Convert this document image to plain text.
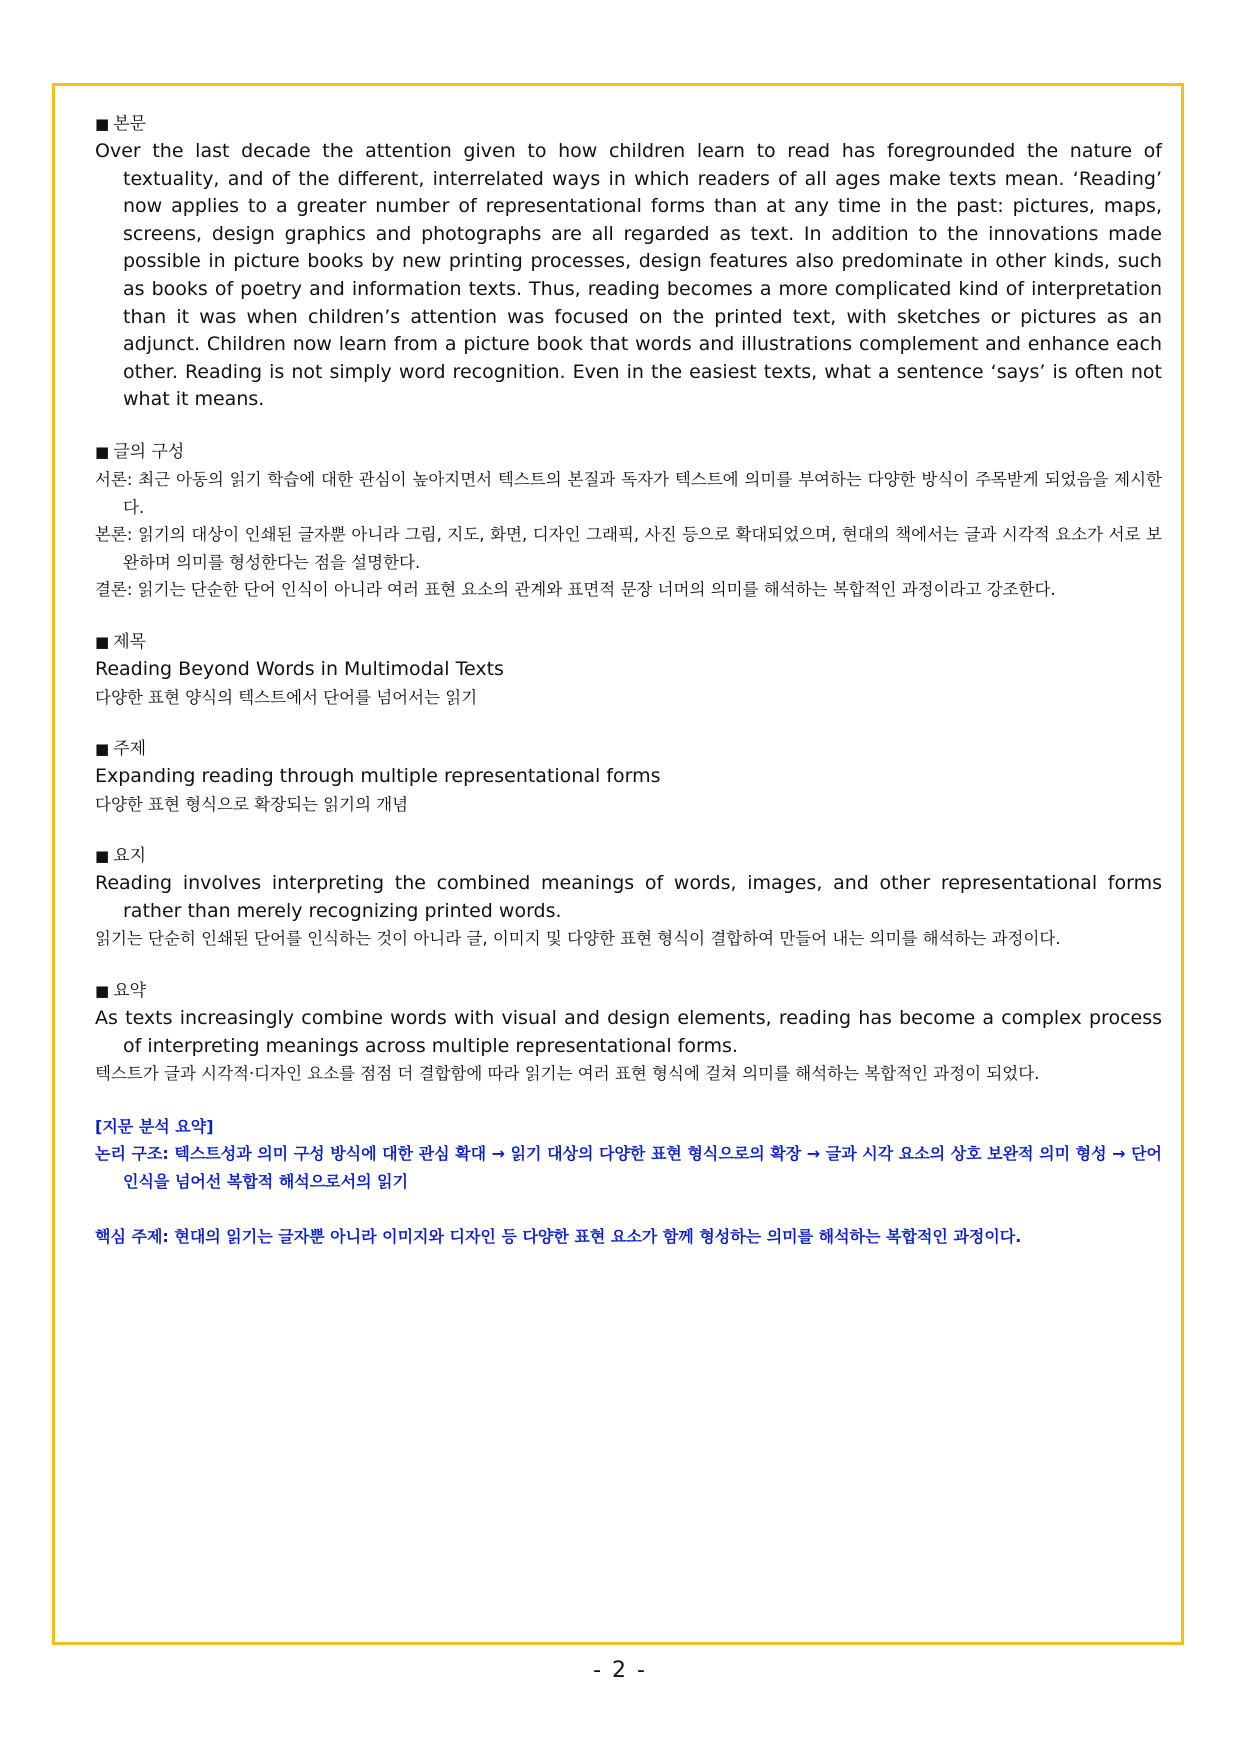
■ 본문
Over the last decade the attention given to how children learn to read has foregrounded the nature of textuality, and of the different, interrelated ways in which readers of all ages make texts mean. ‘Reading’ now applies to a greater number of representational forms than at any time in the past: pictures, maps, screens, design graphics and photographs are all regarded as text. In addition to the innovations made possible in picture books by new printing processes, design features also predominate in other kinds, such as books of poetry and information texts. Thus, reading becomes a more complicated kind of interpretation than it was when children’s attention was focused on the printed text, with sketches or pictures as an adjunct. Children now learn from a picture book that words and illustrations complement and enhance each other. Reading is not simply word recognition. Even in the easiest texts, what a sentence ‘says’ is often not what it means.
■ 글의 구성
서론: 최근 아동의 읽기 학습에 대한 관심이 높아지면서 텍스트의 본질과 독자가 텍스트에 의미를 부여하는 다양한 방식이 주목받게 되었음을 제시한다.
본론: 읽기의 대상이 인쇄된 글자뿐 아니라 그림, 지도, 화면, 디자인 그래픽, 사진 등으로 확대되었으며, 현대의 책에서는 글과 시각적 요소가 서로 보완하며 의미를 형성한다는 점을 설명한다.
결론: 읽기는 단순한 단어 인식이 아니라 여러 표현 요소의 관계와 표면적 문장 너머의 의미를 해석하는 복합적인 과정이라고 강조한다.
■ 제목
Reading Beyond Words in Multimodal Texts
다양한 표현 양식의 텍스트에서 단어를 넘어서는 읽기
■ 주제
Expanding reading through multiple representational forms
다양한 표현 형식으로 확장되는 읽기의 개념
■ 요지
Reading involves interpreting the combined meanings of words, images, and other representational forms rather than merely recognizing printed words.
읽기는 단순히 인쇄된 단어를 인식하는 것이 아니라 글, 이미지 및 다양한 표현 형식이 결합하여 만들어 내는 의미를 해석하는 과정이다.
■ 요약
As texts increasingly combine words with visual and design elements, reading has become a complex process of interpreting meanings across multiple representational forms.
텍스트가 글과 시각적·디자인 요소를 점점 더 결합함에 따라 읽기는 여러 표현 형식에 걸쳐 의미를 해석하는 복합적인 과정이 되었다.
[지문 분석 요약]
논리 구조: 텍스트성과 의미 구성 방식에 대한 관심 확대 → 읽기 대상의 다양한 표현 형식으로의 확장 → 글과 시각 요소의 상호 보완적 의미 형성 → 단어 인식을 넘어선 복합적 해석으로서의 읽기
핵심 주제: 현대의 읽기는 글자뿐 아니라 이미지와 디자인 등 다양한 표현 요소가 함께 형성하는 의미를 해석하는 복합적인 과정이다.
- 2 -
